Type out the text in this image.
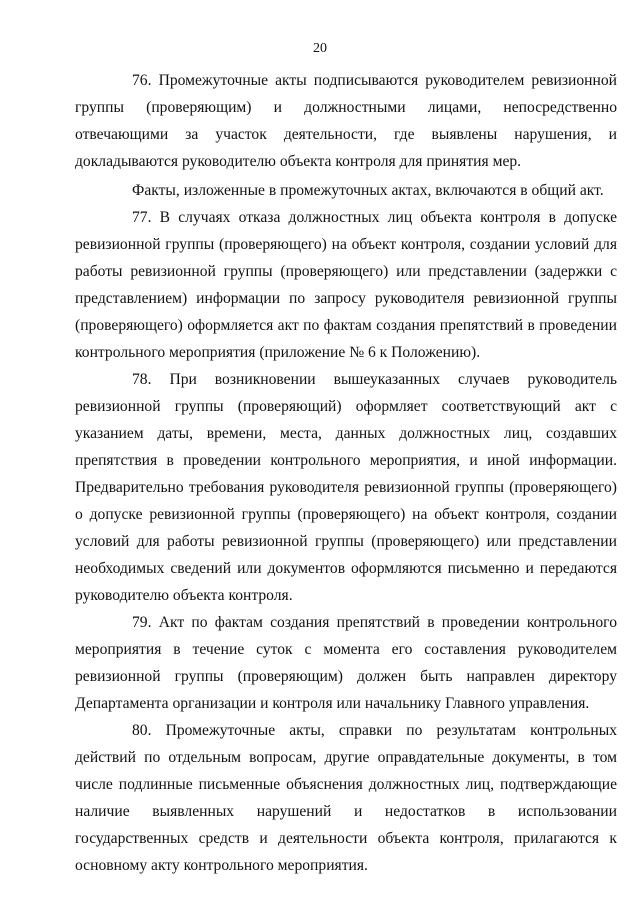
20

76. Промежуточные акты подписываются руководителем ревизионной группы (проверяющим) и должностными лицами, непосредственно отвечающими за участок деятельности, где выявлены нарушения, и докладываются руководителю объекта контроля для принятия мер.

Факты, изложенные в промежуточных актах, включаются в общий акт.

77. В случаях отказа должностных лиц объекта контроля в допуске ревизионной группы (проверяющего) на объект контроля, создании условий для работы ревизионной группы (проверяющего) или представлении (задержки с представлением) информации по запросу руководителя ревизионной группы (проверяющего) оформляется акт по фактам создания препятствий в проведении контрольного мероприятия (приложение № 6 к Положению).

78. При возникновении вышеуказанных случаев руководитель ревизионной группы (проверяющий) оформляет соответствующий акт с указанием даты, времени, места, данных должностных лиц, создавших препятствия в проведении контрольного мероприятия, и иной информации. Предварительно требования руководителя ревизионной группы (проверяющего) о допуске ревизионной группы (проверяющего) на объект контроля, создании условий для работы ревизионной группы (проверяющего) или представлении необходимых сведений или документов оформляются письменно и передаются руководителю объекта контроля.

79. Акт по фактам создания препятствий в проведении контрольного мероприятия в течение суток с момента его составления руководителем ревизионной группы (проверяющим) должен быть направлен директору Департамента организации и контроля или начальнику Главного управления.

80. Промежуточные акты, справки по результатам контрольных действий по отдельным вопросам, другие оправдательные документы, в том числе подлинные письменные объяснения должностных лиц, подтверждающие наличие выявленных нарушений и недостатков в использовании государственных средств и деятельности объекта контроля, прилагаются к основному акту контрольного мероприятия.
